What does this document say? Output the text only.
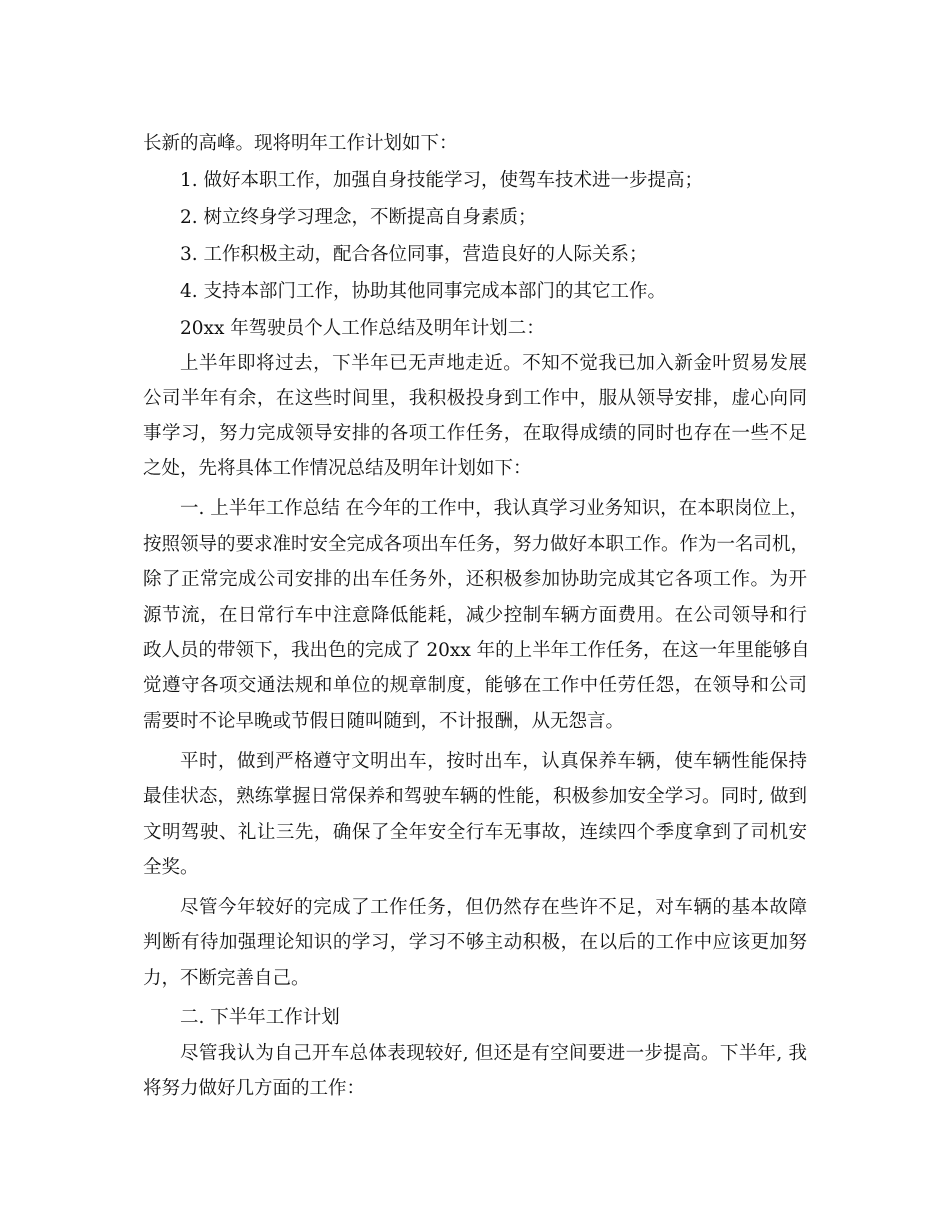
长新的高峰。现将明年工作计划如下：

1. 做好本职工作，加强自身技能学习，使驾车技术进一步提高；

2. 树立终身学习理念，不断提高自身素质；

3. 工作积极主动，配合各位同事，营造良好的人际关系；

4. 支持本部门工作，协助其他同事完成本部门的其它工作。

20xx 年驾驶员个人工作总结及明年计划二：

上半年即将过去，下半年已无声地走近。不知不觉我已加入新金叶贸易发展

公司半年有余，在这些时间里，我积极投身到工作中，服从领导安排，虚心向同

事学习，努力完成领导安排的各项工作任务，在取得成绩的同时也存在一些不足

之处，先将具体工作情况总结及明年计划如下：

一. 上半年工作总结 在今年的工作中，我认真学习业务知识，在本职岗位上，

按照领导的要求准时安全完成各项出车任务，努力做好本职工作。作为一名司机，

除了正常完成公司安排的出车任务外，还积极参加协助完成其它各项工作。为开

源节流，在日常行车中注意降低能耗，减少控制车辆方面费用。在公司领导和行

政人员的带领下，我出色的完成了 20xx 年的上半年工作任务，在这一年里能够自

觉遵守各项交通法规和单位的规章制度，能够在工作中任劳任怨，在领导和公司

需要时不论早晚或节假日随叫随到，不计报酬，从无怨言。

平时，做到严格遵守文明出车，按时出车，认真保养车辆，使车辆性能保持

最佳状态，熟练掌握日常保养和驾驶车辆的性能，积极参加安全学习。同时, 做到

文明驾驶、礼让三先，确保了全年安全行车无事故，连续四个季度拿到了司机安

全奖。

尽管今年较好的完成了工作任务，但仍然存在些许不足，对车辆的基本故障

判断有待加强理论知识的学习，学习不够主动积极，在以后的工作中应该更加努

力，不断完善自己。

二. 下半年工作计划

尽管我认为自己开车总体表现较好, 但还是有空间要进一步提高。下半年, 我

将努力做好几方面的工作：
